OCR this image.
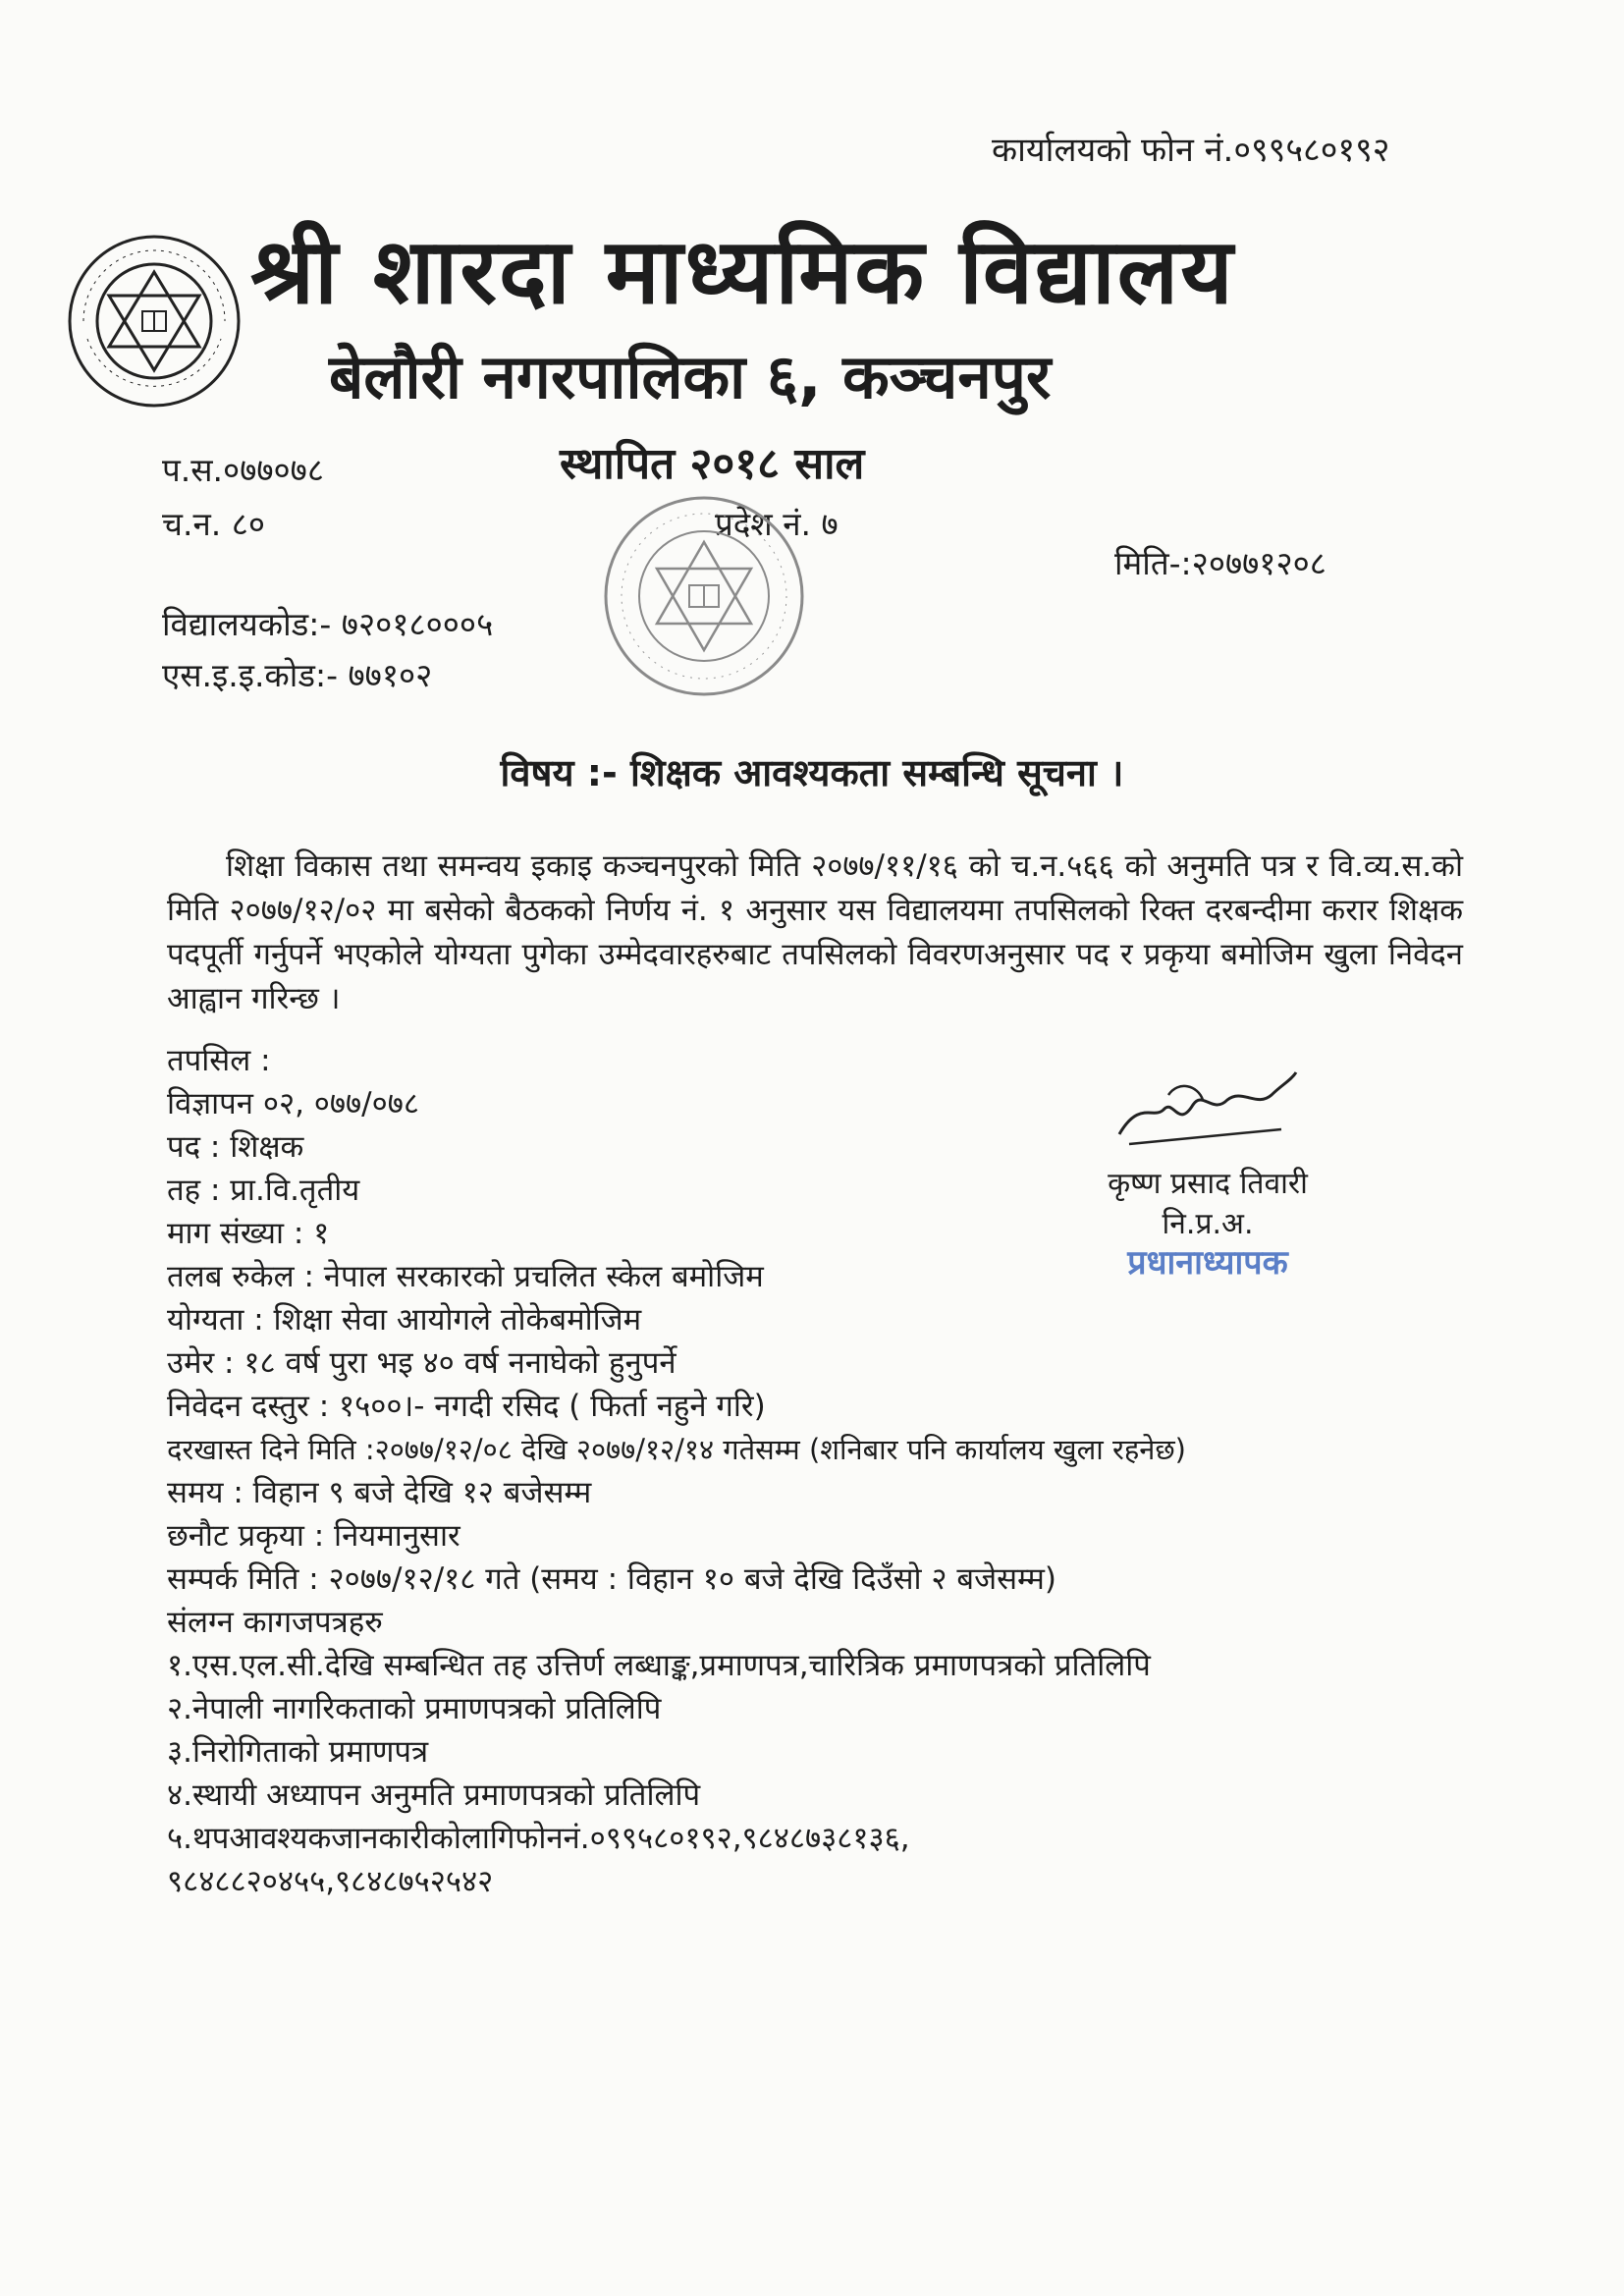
कार्यालयको फोन नं.०९९५८०१९२
श्री शारदा माध्यमिक विद्यालय
बेलौरी नगरपालिका ६, कञ्चनपुर
स्थापित २०१८ साल
प.स.०७७०७८
च.न. ८०	प्रदेश नं. ७
मिति-:२०७७१२०८
विद्यालयकोड:- ७२०१८०००५
एस.इ.इ.कोड:- ७७१०२
विषय :- शिक्षक आवश्यकता सम्बन्धि सूचना ।

शिक्षा विकास तथा समन्वय इकाइ कञ्चनपुरको मिति २०७७/११/१६ को च.न.५६६ को अनुमति पत्र र वि.व्य.स.को मिति २०७७/१२/०२ मा बसेको बैठकको निर्णय नं. १ अनुसार यस विद्यालयमा तपसिलको रिक्त दरबन्दीमा करार शिक्षक पदपूर्ती गर्नुपर्ने भएकोले योग्यता पुगेका उम्मेदवारहरुबाट तपसिलको विवरणअनुसार पद र प्रकृया बमोजिम खुला निवेदन आह्वान गरिन्छ ।

तपसिल :
विज्ञापन ०२, ०७७/०७८
पद : शिक्षक
तह : प्रा.वि.तृतीय
माग संख्या : १
तलब रुकेल : नेपाल सरकारको प्रचलित स्केल बमोजिम
योग्यता : शिक्षा सेवा आयोगले तोकेबमोजिम
उमेर : १८ वर्ष पुरा भइ ४० वर्ष ननाघेको हुनुपर्ने
निवेदन दस्तुर : १५००।- नगदी रसिद ( फिर्ता नहुने गरि)
दरखास्त दिने मिति :२०७७/१२/०८ देखि २०७७/१२/१४ गतेसम्म (शनिबार पनि कार्यालय खुला रहनेछ)
समय : विहान ९ बजे देखि १२ बजेसम्म
छनौट प्रकृया : नियमानुसार
सम्पर्क मिति : २०७७/१२/१८ गते (समय : विहान १० बजे देखि दिउँसो २ बजेसम्म)
संलग्न कागजपत्रहरु
१.एस.एल.सी.देखि सम्बन्धित तह उत्तिर्ण लब्धाङ्क,प्रमाणपत्र,चारित्रिक प्रमाणपत्रको प्रतिलिपि
२.नेपाली नागरिकताको प्रमाणपत्रको प्रतिलिपि
३.निरोगिताको प्रमाणपत्र
४.स्थायी अध्यापन अनुमति प्रमाणपत्रको प्रतिलिपि
५.थपआवश्यकजानकारीकोलागिफोननं.०९९५८०१९२,९८४८७३८१३६,
९८४८८२०४५५,९८४८७५२५४२
कृष्ण प्रसाद तिवारी
नि.प्र.अ.
प्रधानाध्यापक
